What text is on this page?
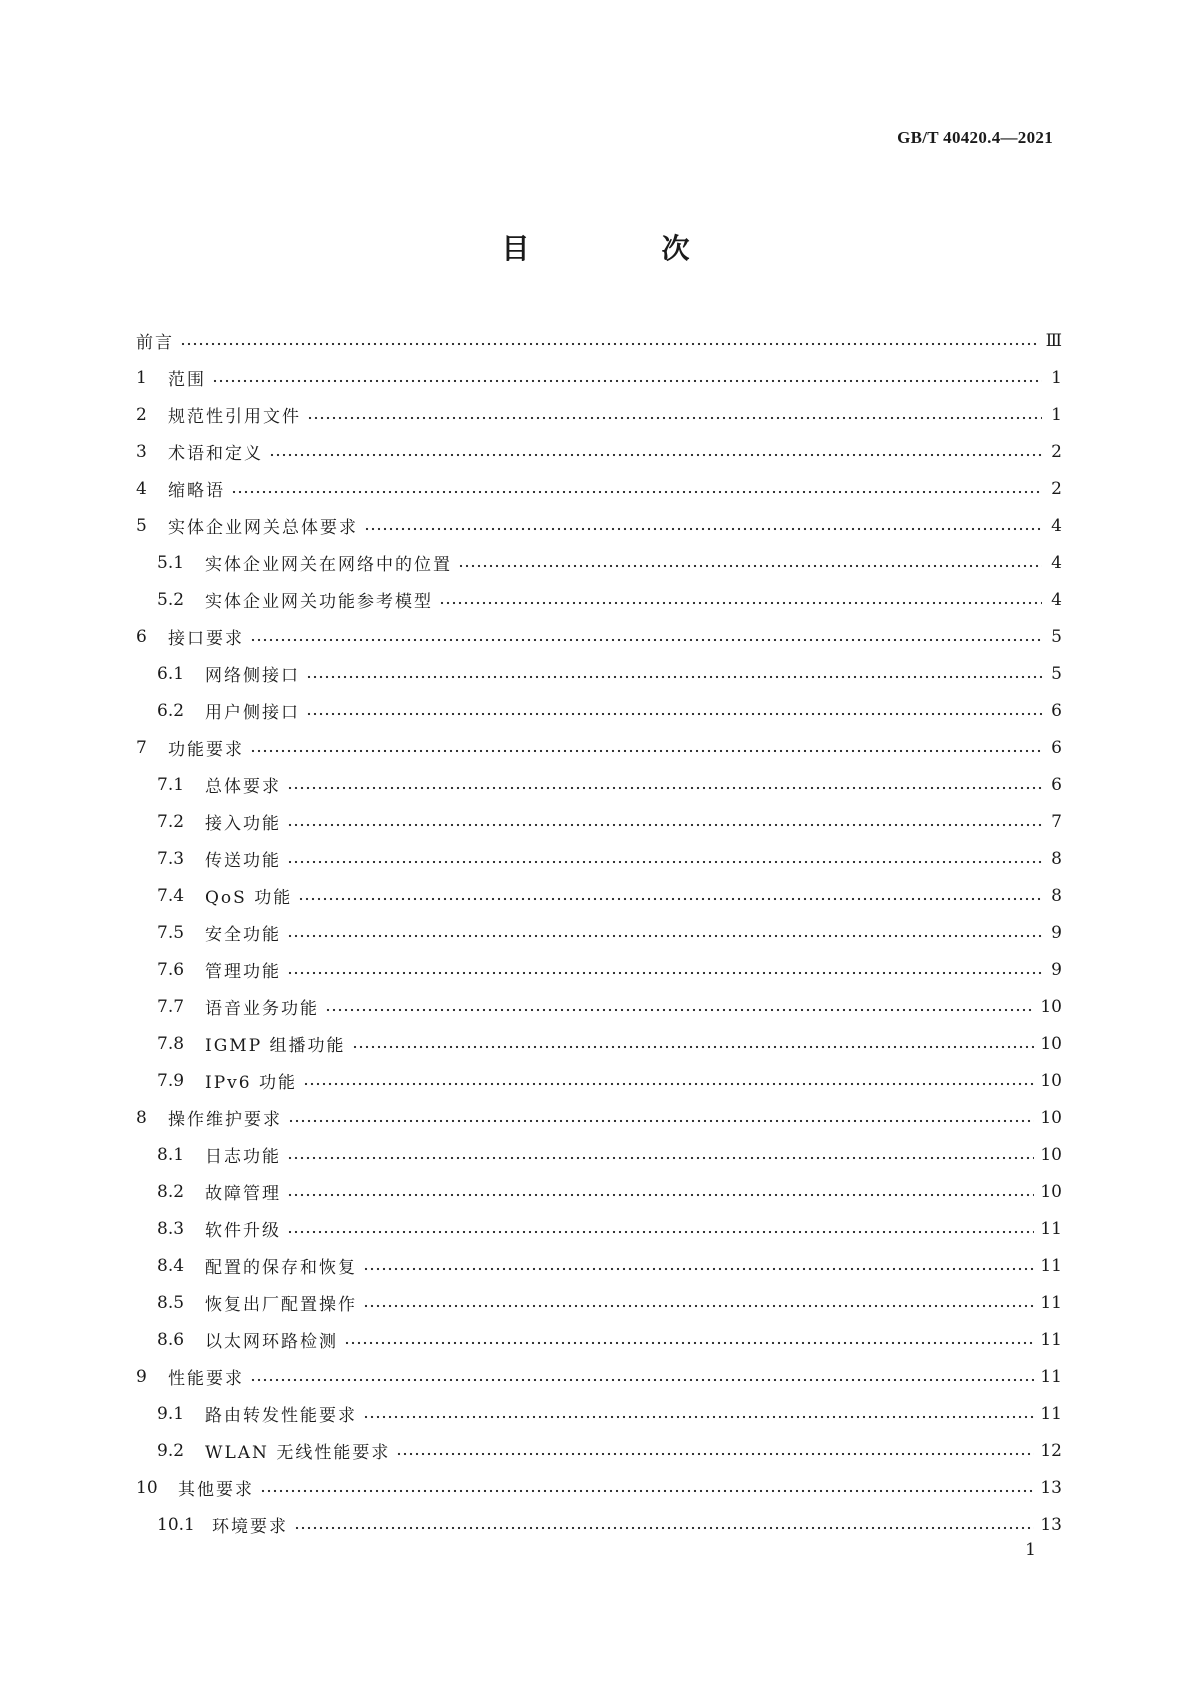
GB/T 40420.4—2021
目　次
前言	Ⅲ
1	范围	1
2	规范性引用文件	1
3	术语和定义	2
4	缩略语	2
5	实体企业网关总体要求	4
5.1	实体企业网关在网络中的位置	4
5.2	实体企业网关功能参考模型	4
6	接口要求	5
6.1	网络侧接口	5
6.2	用户侧接口	6
7	功能要求	6
7.1	总体要求	6
7.2	接入功能	7
7.3	传送功能	8
7.4	QoS 功能	8
7.5	安全功能	9
7.6	管理功能	9
7.7	语音业务功能	10
7.8	IGMP 组播功能	10
7.9	IPv6 功能	10
8	操作维护要求	10
8.1	日志功能	10
8.2	故障管理	10
8.3	软件升级	11
8.4	配置的保存和恢复	11
8.5	恢复出厂配置操作	11
8.6	以太网环路检测	11
9	性能要求	11
9.1	路由转发性能要求	11
9.2	WLAN 无线性能要求	12
10	其他要求	13
10.1	环境要求	13
1
